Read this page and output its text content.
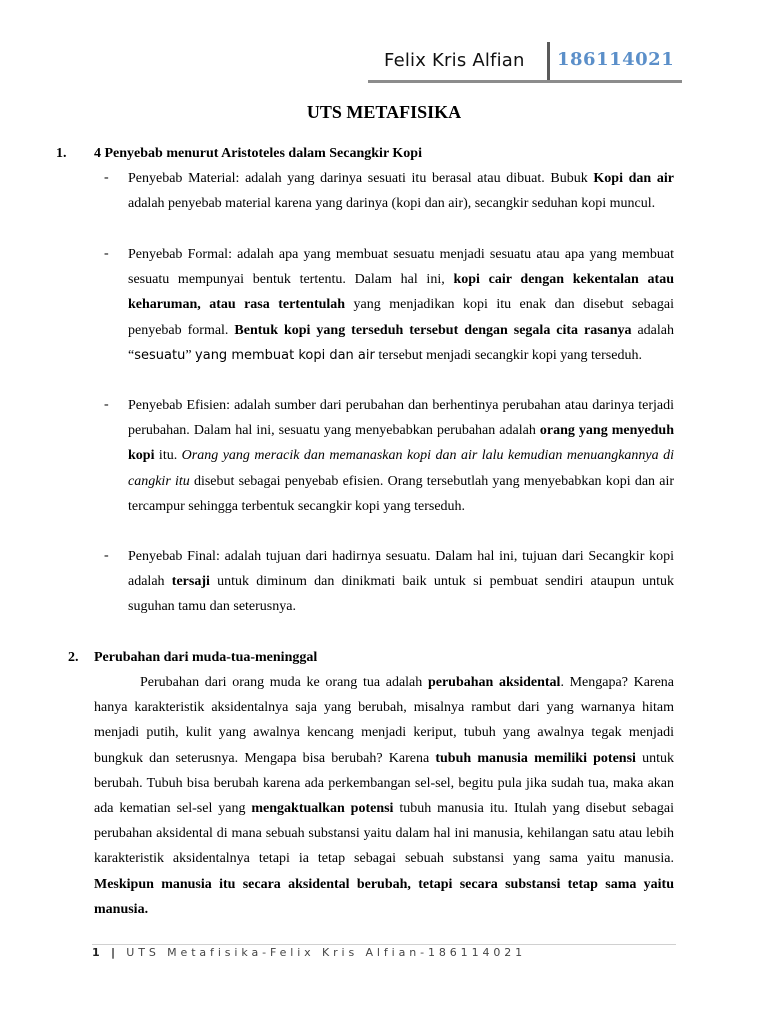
Felix Kris Alfian 186114021
UTS METAFISIKA
1. 4 Penyebab menurut Aristoteles dalam Secangkir Kopi
- Penyebab Material: adalah yang darinya sesuati itu berasal atau dibuat. Bubuk Kopi dan air adalah penyebab material karena yang darinya (kopi dan air), secangkir seduhan kopi muncul.
- Penyebab Formal: adalah apa yang membuat sesuatu menjadi sesuatu atau apa yang membuat sesuatu mempunyai bentuk tertentu. Dalam hal ini, kopi cair dengan kekentalan atau keharuman, atau rasa tertentulah yang menjadikan kopi itu enak dan disebut sebagai penyebab formal. Bentuk kopi yang terseduh tersebut dengan segala cita rasanya adalah “sesuatu” yang membuat kopi dan air tersebut menjadi secangkir kopi yang terseduh.
- Penyebab Efisien: adalah sumber dari perubahan dan berhentinya perubahan atau darinya terjadi perubahan. Dalam hal ini, sesuatu yang menyebabkan perubahan adalah orang yang menyeduh kopi itu. Orang yang meracik dan memanaskan kopi dan air lalu kemudian menuangkannya di cangkir itu disebut sebagai penyebab efisien. Orang tersebutlah yang menyebabkan kopi dan air tercampur sehingga terbentuk secangkir kopi yang terseduh.
- Penyebab Final: adalah tujuan dari hadirnya sesuatu. Dalam hal ini, tujuan dari Secangkir kopi adalah tersaji untuk diminum dan dinikmati baik untuk si pembuat sendiri ataupun untuk suguhan tamu dan seterusnya.
2. Perubahan dari muda-tua-meninggal
Perubahan dari orang muda ke orang tua adalah perubahan aksidental. Mengapa? Karena hanya karakteristik aksidentalnya saja yang berubah, misalnya rambut dari yang warnanya hitam menjadi putih, kulit yang awalnya kencang menjadi keriput, tubuh yang awalnya tegak menjadi bungkuk dan seterusnya. Mengapa bisa berubah? Karena tubuh manusia memiliki potensi untuk berubah. Tubuh bisa berubah karena ada perkembangan sel-sel, begitu pula jika sudah tua, maka akan ada kematian sel-sel yang mengaktualkan potensi tubuh manusia itu. Itulah yang disebut sebagai perubahan aksidental di mana sebuah substansi yaitu dalam hal ini manusia, kehilangan satu atau lebih karakteristik aksidentalnya tetapi ia tetap sebagai sebuah substansi yang sama yaitu manusia. Meskipun manusia itu secara aksidental berubah, tetapi secara substansi tetap sama yaitu manusia.
1 | UTS Metafisika-Felix Kris Alfian-186114021
